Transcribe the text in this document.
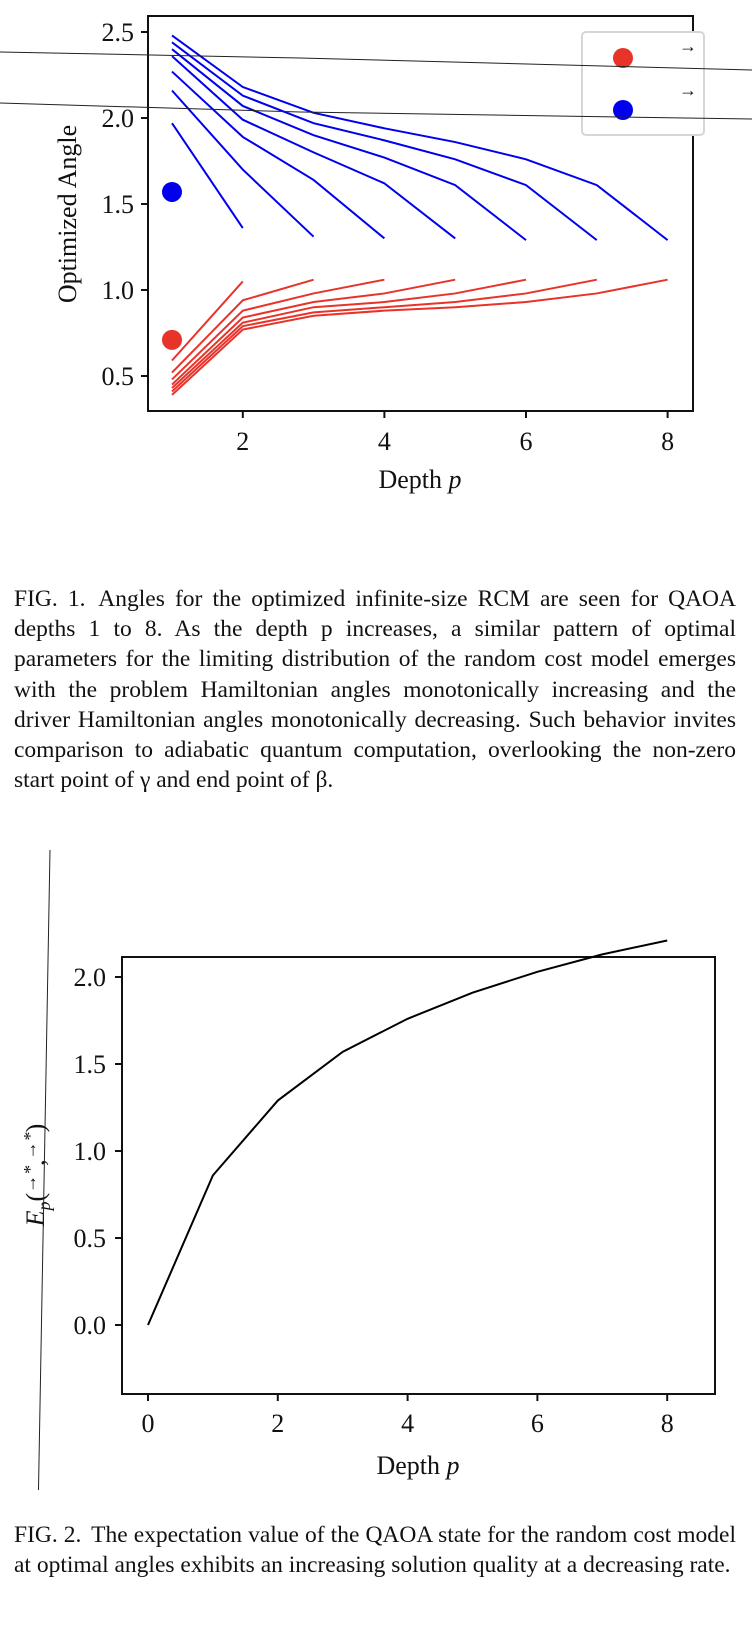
0.5
1.0
1.5
2.0
2.5
2	4	6	8
Optimized Angle
Depth p
→
→
FIG. 1. Angles for the optimized infinite-size RCM are seen for QAOA depths 1 to 8. As the depth p increases, a similar pattern of optimal parameters for the limiting distribution of the random cost model emerges with the problem Hamiltonian angles monotonically increasing and the driver Hamiltonian angles monotonically decreasing. Such behavior invites comparison to adiabatic quantum computation, overlooking the non-zero start point of γ and end point of β.
0.0
0.5
1.0
1.5
2.0
0	2	4	6	8
$E_p(^{\to*},^{\to*})$
Depth p
FIG. 2. The expectation value of the QAOA state for the random cost model at optimal angles exhibits an increasing solution quality at a decreasing rate.
